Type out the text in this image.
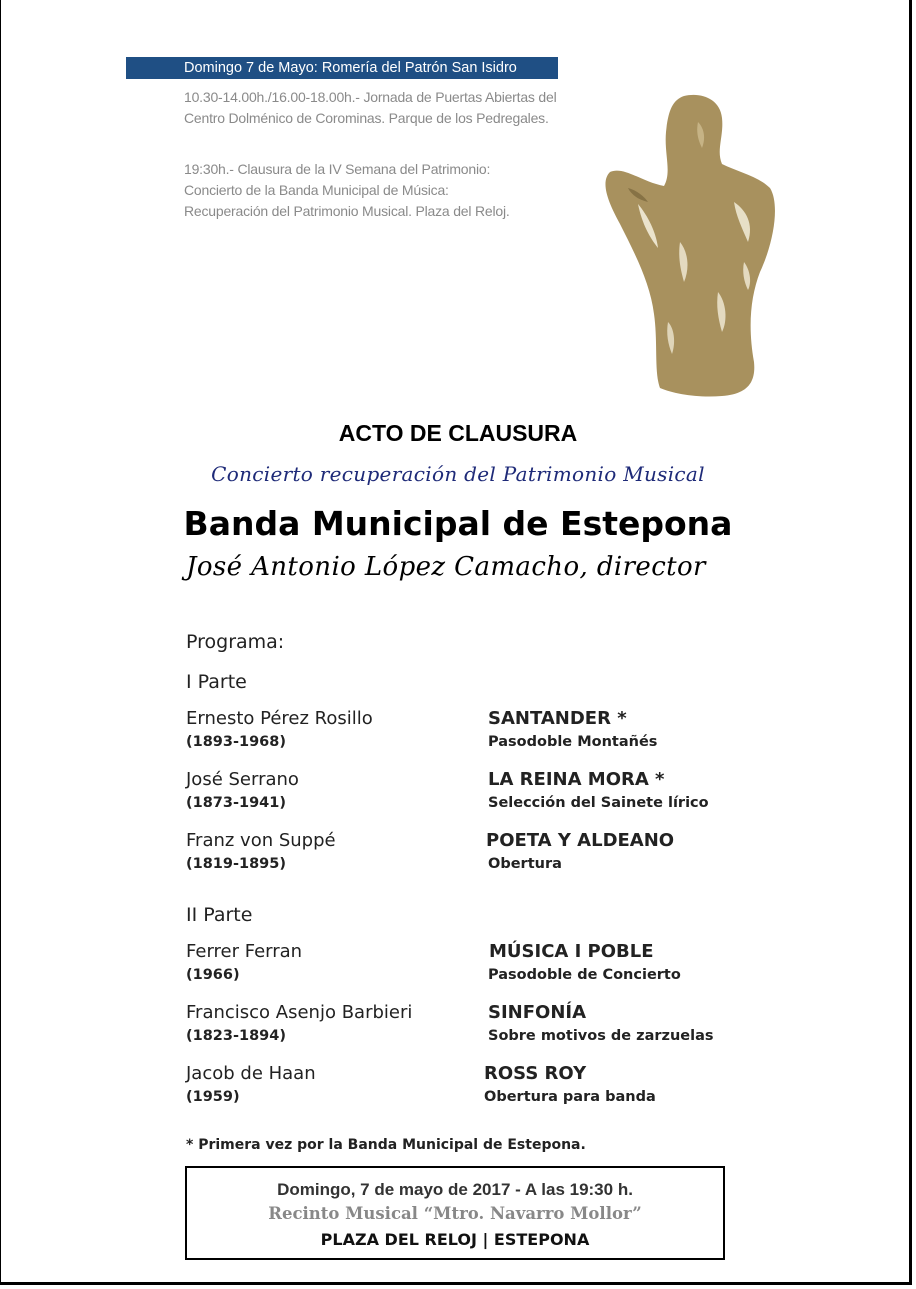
Domingo 7 de Mayo: Romería del Patrón San Isidro
10.30-14.00h./16.00-18.00h.- Jornada de Puertas Abiertas del
Centro Dolménico de Corominas. Parque de los Pedregales.
19:30h.- Clausura de la IV Semana del Patrimonio:
Concierto de la Banda Municipal de Música:
Recuperación del Patrimonio Musical. Plaza del Reloj.
ACTO DE CLAUSURA
Concierto recuperación del Patrimonio Musical
Banda Municipal de Estepona
José Antonio López Camacho, director
Programa:
I Parte
Ernesto Pérez Rosillo
(1893-1968)
SANTANDER *
Pasodoble Montañés
José Serrano
(1873-1941)
LA REINA MORA *
Selección del Sainete lírico
Franz von Suppé
(1819-1895)
POETA Y ALDEANO
Obertura
II Parte
Ferrer Ferran
(1966)
MÚSICA I POBLE
Pasodoble de Concierto
Francisco Asenjo Barbieri
(1823-1894)
SINFONÍA
Sobre motivos de zarzuelas
Jacob de Haan
(1959)
ROSS ROY
Obertura para banda
* Primera vez por la Banda Municipal de Estepona.
Domingo, 7 de mayo de 2017 - A las 19:30 h.
Recinto Musical “Mtro. Navarro Mollor”
PLAZA DEL RELOJ | ESTEPONA
